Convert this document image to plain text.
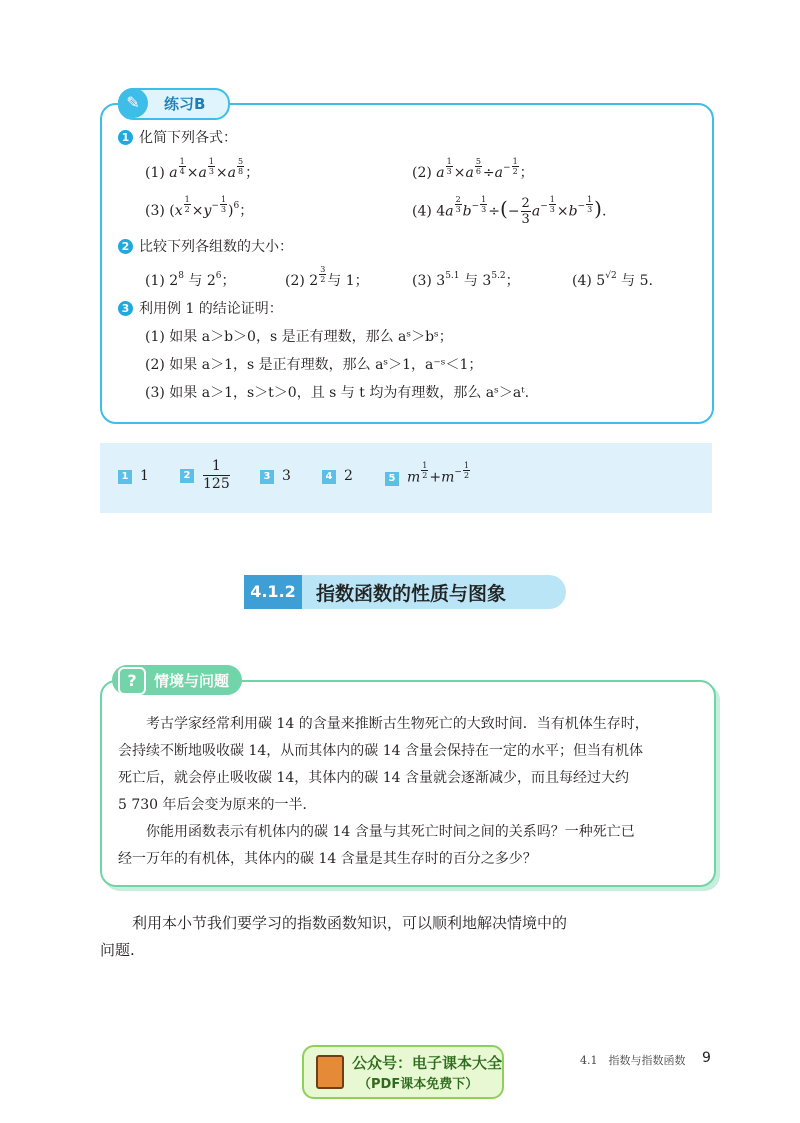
✎	练习B
1 化简下列各式：
(1) a $\frac{1}{4} \times a \frac{1}{3} \times a \frac{5}{8}$ ；	(2) a $\frac{1}{3} \times a \frac{5}{6} \div a^- \frac{1}{2}$ ；
(3) $(x \frac{1}{2} \times y^- \frac{1}{3} )^6$；	(4) $4a \frac{2}{3} b^- \frac{1}{3}$ ÷(− $\frac{2}{3} a^- \frac{1}{3} \times b^- \frac{1}{3}$ ).
2 比较下列各组数的大小：
(1) $2^8$ 与 $2^6$；	(2) $2 \frac{3}{2}$ 与 1；	(3) $3^{5.1}$ 与 $3^{5.2}$；	(4) $5^{√2}$ 与 5.
3 利用例 1 的结论证明：
(1) 如果 a＞b＞0，s 是正有理数，那么 aˢ＞bˢ；
(2) 如果 a＞1，s 是正有理数，那么 aˢ＞1，a⁻ˢ＜1；
(3) 如果 a＞1，s＞t＞0，且 s 与 t 均为有理数，那么 aˢ＞aᵗ.
1 1	$2 \frac{1}{125}$	3 3	4 2	5 m $\frac{1}{2} +m^- \frac{1}{2}$
4.1.2	指数函数的性质与图象
?	情境与问题
考古学家经常利用碳 14 的含量来推断古生物死亡的大致时间．当有机体生存时，
会持续不断地吸收碳 14，从而其体内的碳 14 含量会保持在一定的水平；但当有机体
死亡后，就会停止吸收碳 14，其体内的碳 14 含量就会逐渐减少，而且每经过大约
5 730 年后会变为原来的一半．
你能用函数表示有机体内的碳 14 含量与其死亡时间之间的关系吗？一种死亡已
经一万年的有机体，其体内的碳 14 含量是其生存时的百分之多少？
利用本小节我们要学习的指数函数知识，可以顺利地解决情境中的
问题.
公众号：电子课本大全
（PDF课本免费下）
4.1　指数与指数函数 9
